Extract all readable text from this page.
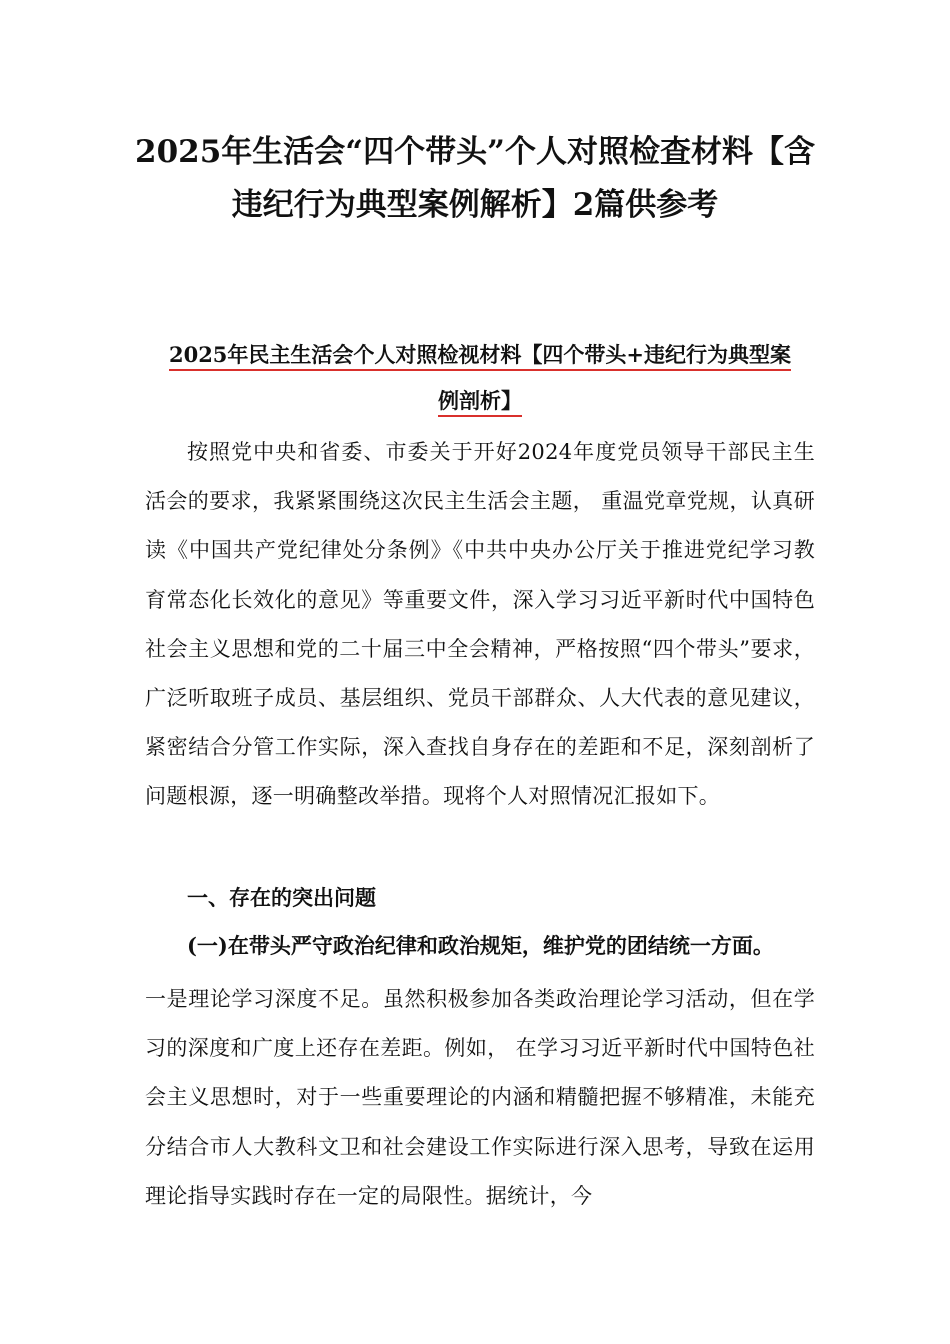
2025年生活会“四个带头”个人对照检查材料【含
违纪行为典型案例解析】2篇供参考
2025年民主生活会个人对照检视材料【四个带头+违纪行为典型案
例剖析】

按照党中央和省委、市委关于开好2024年度党员领导干部民主生活会的要求，我紧紧围绕这次民主生活会主题， 重温党章党规，认真研读《中国共产党纪律处分条例》《中共中央办公厅关于推进党纪学习教育常态化长效化的意见》等重要文件，深入学习习近平新时代中国特色社会主义思想和党的二十届三中全会精神，严格按照“四个带头”要求，广泛听取班子成员、基层组织、党员干部群众、人大代表的意见建议，紧密结合分管工作实际，深入查找自身存在的差距和不足，深刻剖析了问题根源，逐一明确整改举措。现将个人对照情况汇报如下。

一、存在的突出问题
(一)在带头严守政治纪律和政治规矩，维护党的团结统一方面。

一是理论学习深度不足。虽然积极参加各类政治理论学习活动，但在学习的深度和广度上还存在差距。例如， 在学习习近平新时代中国特色社会主义思想时，对于一些重要理论的内涵和精髓把握不够精准，未能充分结合市人大教科文卫和社会建设工作实际进行深入思考，导致在运用理论指导实践时存在一定的局限性。据统计，今
